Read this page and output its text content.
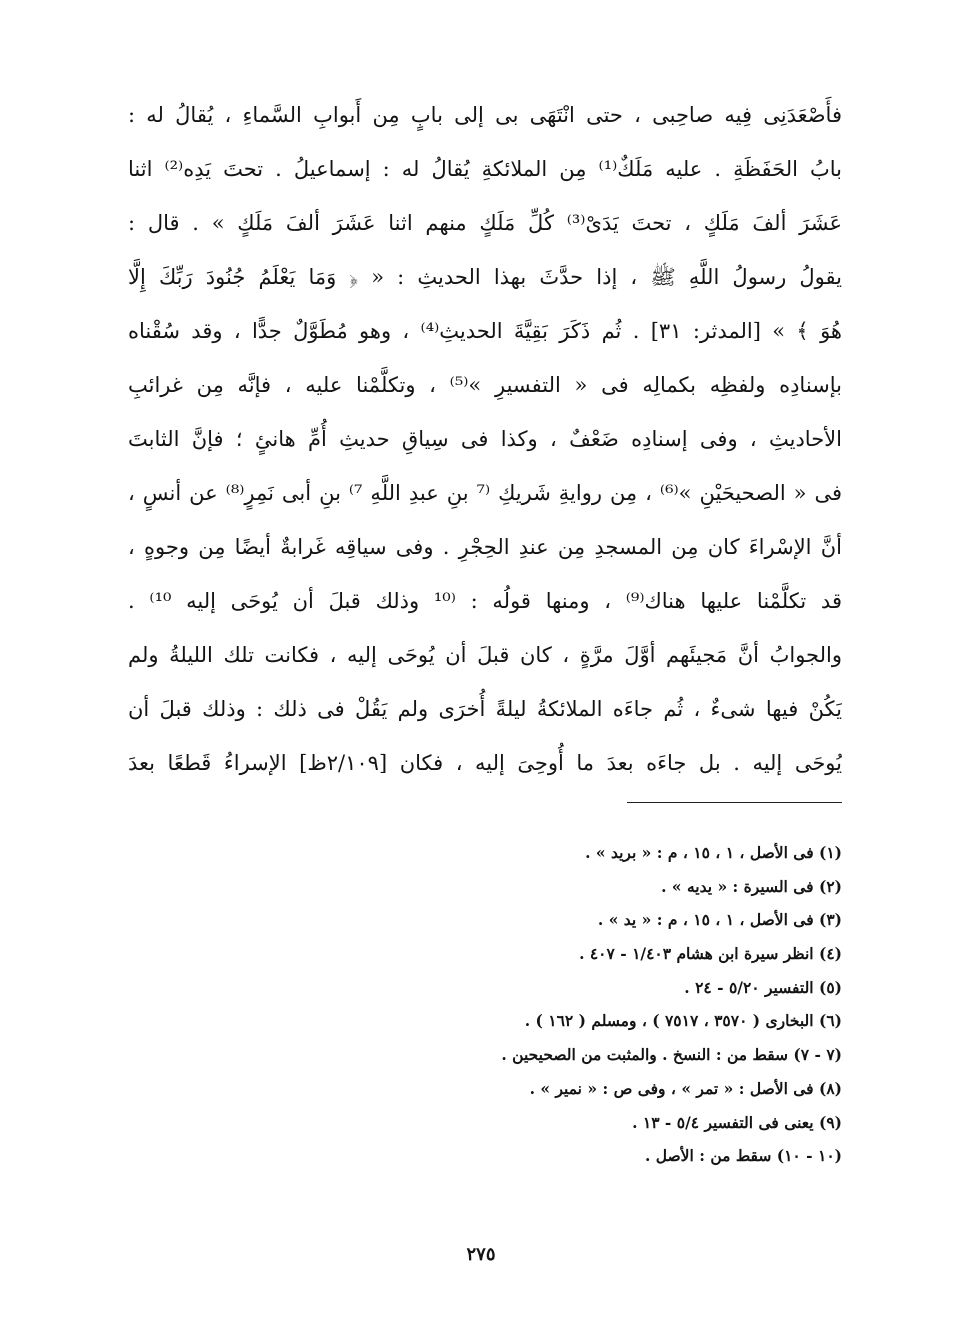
فأَصْعَدَنِى فِيه صاحِبى ، حتى انْتَهَى بى إلى بابٍ مِن أَبوابِ السَّماءِ ، يُقالُ له :
بابُ الحَفَظَةِ . عليه مَلَكٌ⁽¹⁾ مِن الملائكةِ يُقالُ له : إسماعيلُ . تحتَ يَدِه⁽²⁾ اثنا
عَشَرَ ألفَ مَلَكٍ ، تحتَ يَدَىْ⁽³⁾ كُلِّ مَلَكٍ منهم اثنا عَشَرَ ألفَ مَلَكٍ » . قال :
يقولُ رسولُ اللَّهِ ﷺ ، إذا حدَّثَ بهذا الحديثِ : « ﴿ وَمَا يَعْلَمُ جُنُودَ رَبِّكَ إِلَّا
هُوَ ﴾ » [المدثر: ٣١] . ثُم ذَكَرَ بَقِيَّةَ الحديثِ⁽⁴⁾ ، وهو مُطَوَّلٌ جدًّا ، وقد سُقْناه
بإسنادِه ولفظِه بكمالِه فى « التفسيرِ »⁽⁵⁾ ، وتكلَّمْنا عليه ، فإنَّه مِن غرائبِ
الأحاديثِ ، وفى إسنادِه ضَعْفٌ ، وكذا فى سِياقِ حديثِ أُمِّ هانئٍ ؛ فإنَّ الثابتَ
فى « الصحيحَيْنِ »⁽⁶⁾ ، مِن روايةِ شَريكِ ⁽⁷ بنِ عبدِ اللَّهِ ⁷⁾ بنِ أبى نَمِرٍ⁽⁸⁾ عن أنسٍ ،
أنَّ الإسْراءَ كان مِن المسجدِ مِن عندِ الحِجْرِ . وفى سياقِه غَرابةٌ أيضًا مِن وجوهٍ ،
قد تكلَّمْنا عليها هناك⁽⁹⁾ ، ومنها قولُه : ⁽¹⁰ وذلك قبلَ أن يُوحَى إليه ¹⁰⁾ .
والجوابُ أنَّ مَجيئَهم أوَّلَ مرَّةٍ ، كان قبلَ أن يُوحَى إليه ، فكانت تلك الليلةُ ولم
يَكُنْ فيها شىءٌ ، ثُم جاءَه الملائكةُ ليلةً أُخرَى ولم يَقُلْ فى ذلك : وذلك قبلَ أن
يُوحَى إليه . بل جاءَه بعدَ ما أُوحِىَ إليه ، فكان [٢/١٠٩ظ] الإسراءُ قَطعًا بعدَ
(١) فى الأصل ، ١ ، ١٥ ، م : « بريد » .
(٢) فى السيرة : « يديه » .
(٣) فى الأصل ، ١ ، ١٥ ، م : « يد » .
(٤) انظر سيرة ابن هشام ١/٤٠٣ - ٤٠٧ .
(٥) التفسير ٥/٢٠ - ٢٤ .
(٦) البخارى ( ٣٥٧٠ ، ٧٥١٧ ) ، ومسلم ( ١٦٢ ) .
(٧ - ٧) سقط من : النسخ . والمثبت من الصحيحين .
(٨) فى الأصل : « تمر » ، وفى ص : « نمير » .
(٩) يعنى فى التفسير ٥/٤ - ١٣ .
(١٠ - ١٠) سقط من : الأصل .
٢٧٥
